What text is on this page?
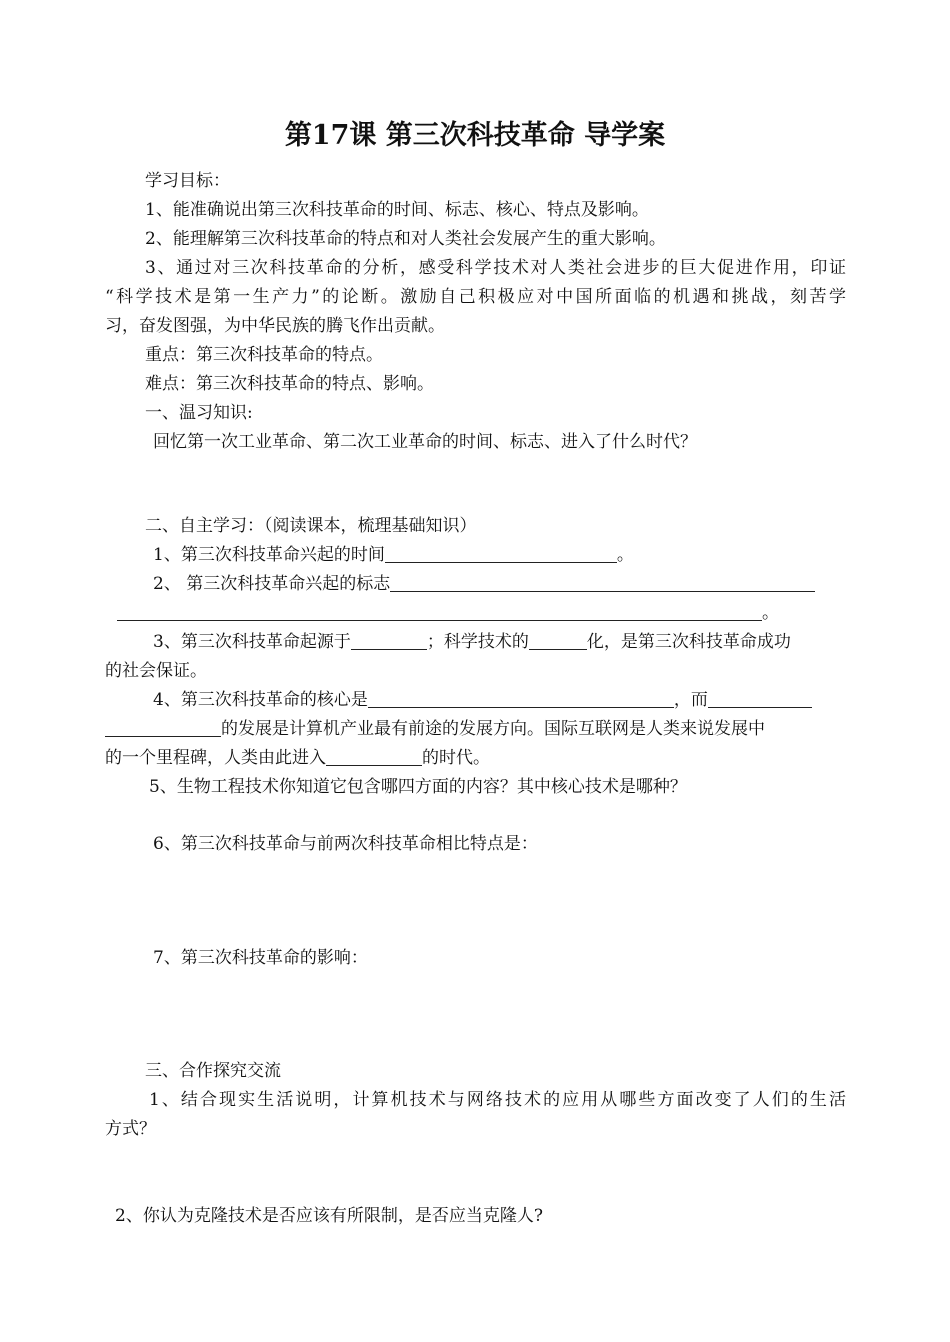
第17课 第三次科技革命 导学案
学习目标：
1、能准确说出第三次科技革命的时间、标志、核心、特点及影响。
2、能理解第三次科技革命的特点和对人类社会发展产生的重大影响。
3、通过对三次科技革命的分析，感受科学技术对人类社会进步的巨大促进作用，印证
“科学技术是第一生产力”的论断。激励自己积极应对中国所面临的机遇和挑战，刻苦学
习，奋发图强，为中华民族的腾飞作出贡献。
重点：第三次科技革命的特点。
难点：第三次科技革命的特点、影响。
一、温习知识:
回忆第一次工业革命、第二次工业革命的时间、标志、进入了什么时代？
二、自主学习：（阅读课本，梳理基础知识）
1、第三次科技革命兴起的时间	。
2、 第三次科技革命兴起的标志
。
3、第三次科技革命起源于	；科学技术的	化，是第三次科技革命成功
的社会保证。
4、第三次科技革命的核心是	，而
的发展是计算机产业最有前途的发展方向。国际互联网是人类来说发展中
的一个里程碑，人类由此进入	的时代。
5、生物工程技术你知道它包含哪四方面的内容？其中核心技术是哪种？
6、第三次科技革命与前两次科技革命相比特点是：
7、第三次科技革命的影响：
三、合作探究交流
1、结合现实生活说明，计算机技术与网络技术的应用从哪些方面改变了人们的生活
方式？
2、你认为克隆技术是否应该有所限制，是否应当克隆人?
